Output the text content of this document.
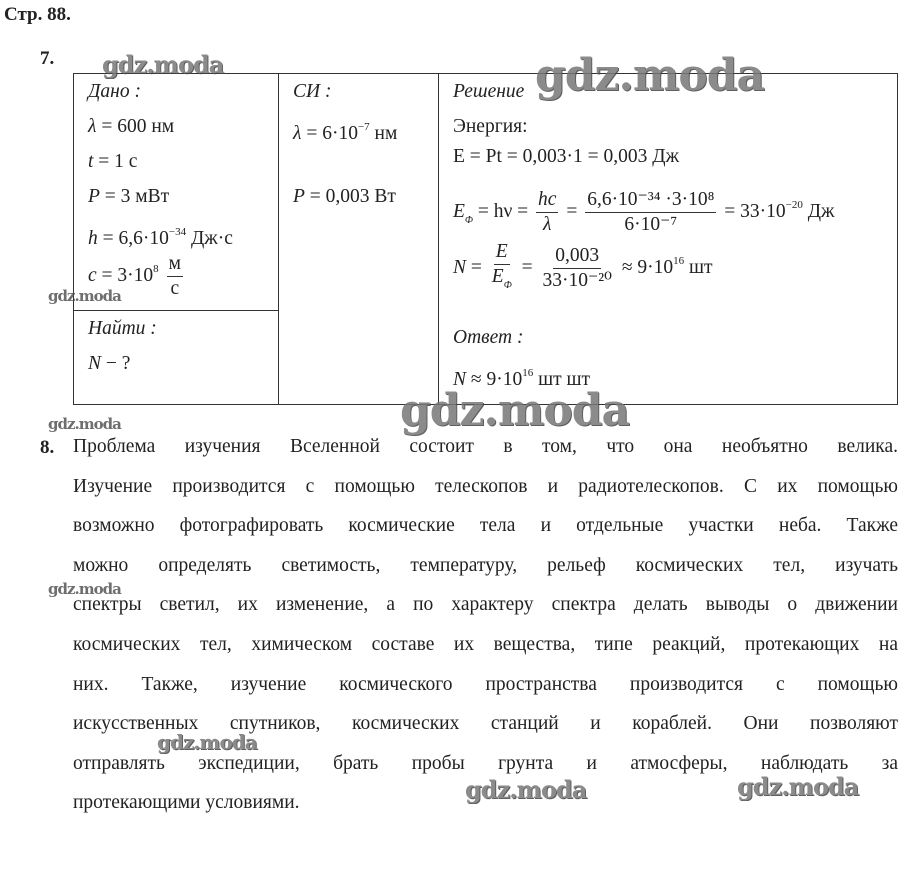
Стр. 88.
7.
Дано :
λ = 600 нм
t = 1 с
P = 3 мВт
$h = 6,6\cdot 10^{-34}$ Дж·с
$c = 3\cdot 10^8$ м
с

СИ :
$\lambda = 6\cdot 10^{-7}$ нм
P = 0,003 Вт

Решение
Энергия:
E = Pt = 0,003·1 = 0,003 Дж
$E_Ф = h\nu = \frac{hc}{\lambda} = \frac{\text{6,6·10⁻³⁴ ·3·10⁸}}{\text{6·10⁻⁷}} = 33\cdot 10^{-20}$ Дж
N =
E
$E_Ф$
= $\frac{0,003}{\text{33·10⁻²⁰}} \approx 9\cdot 10^{16}$ шт
Ответ :
$N \approx 9\cdot 10^{16}$ шт шт

Найти :
N − ?
8. Проблема изучения Вселенной состоит в том, что она необъятно велика.
Изучение производится с помощью телескопов и радиотелескопов. С их помощью
возможно фотографировать космические тела и отдельные участки неба. Также
можно определять светимость, температуру, рельеф космических тел, изучать
спектры светил, их изменение, а по характеру спектра делать выводы о движении
космических тел, химическом составе их вещества, типе реакций, протекающих на
них. Также, изучение космического пространства производится с помощью
искусственных спутников, космических станций и кораблей. Они позволяют
отправлять экспедиции, брать пробы грунта и атмосферы, наблюдать за
протекающими условиями.
gdz.moda	gdz.moda
gdz.moda
gdz.moda
gdz.moda
gdz.moda
gdz.moda
gdz.moda	gdz.moda
